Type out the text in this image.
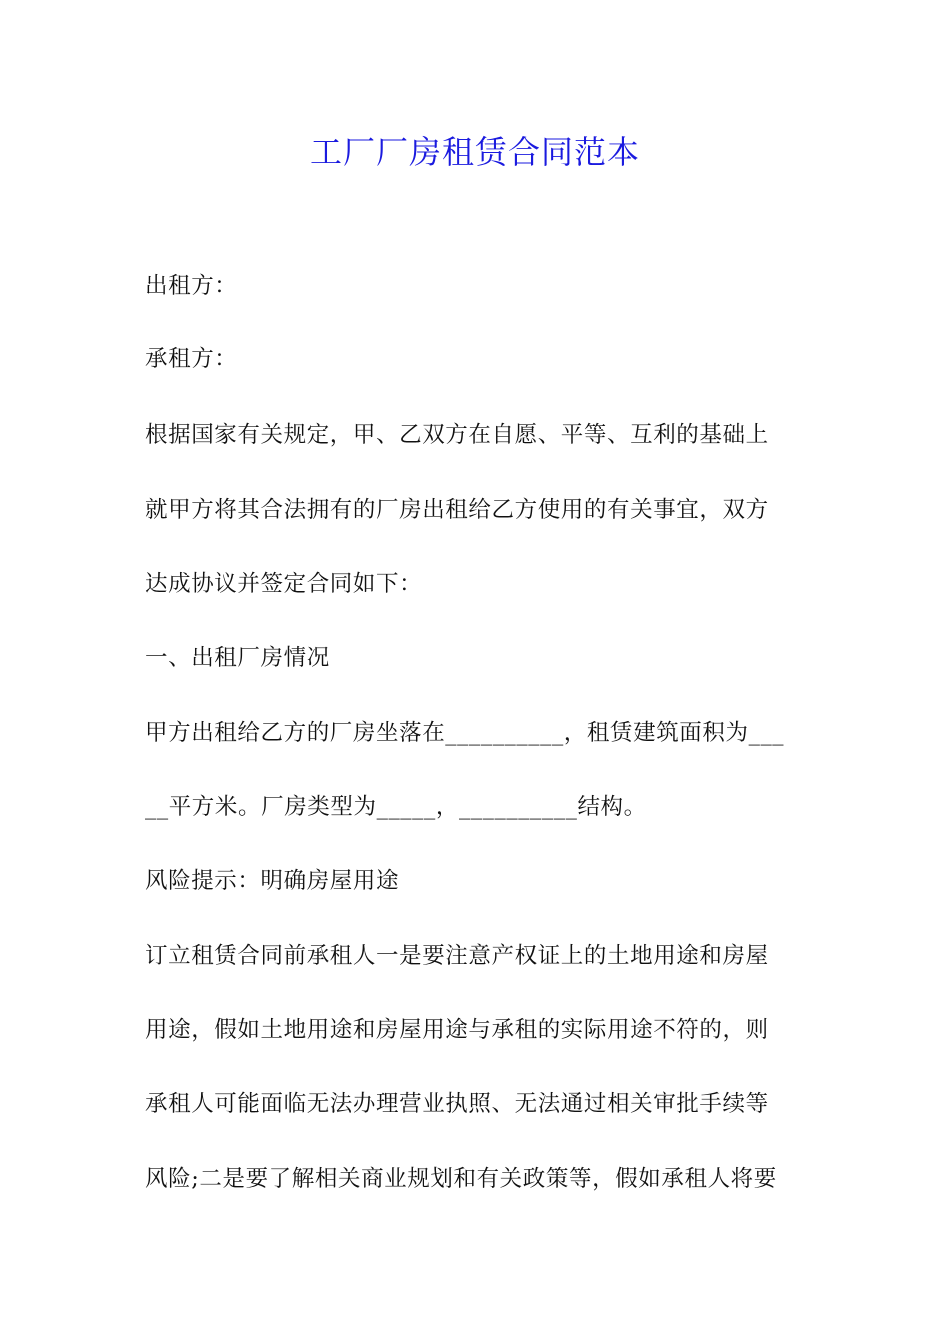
工厂厂房租赁合同范本

出租方：

承租方：

根据国家有关规定，甲、乙双方在自愿、平等、互利的基础上

就甲方将其合法拥有的厂房出租给乙方使用的有关事宜，双方

达成协议并签定合同如下：

一、出租厂房情况

甲方出租给乙方的厂房坐落在__________，租赁建筑面积为___

__平方米。厂房类型为_____，__________结构。

风险提示：明确房屋用途

订立租赁合同前承租人一是要注意产权证上的土地用途和房屋

用途，假如土地用途和房屋用途与承租的实际用途不符的，则

承租人可能面临无法办理营业执照、无法通过相关审批手续等

风险;二是要了解相关商业规划和有关政策等，假如承租人将要
